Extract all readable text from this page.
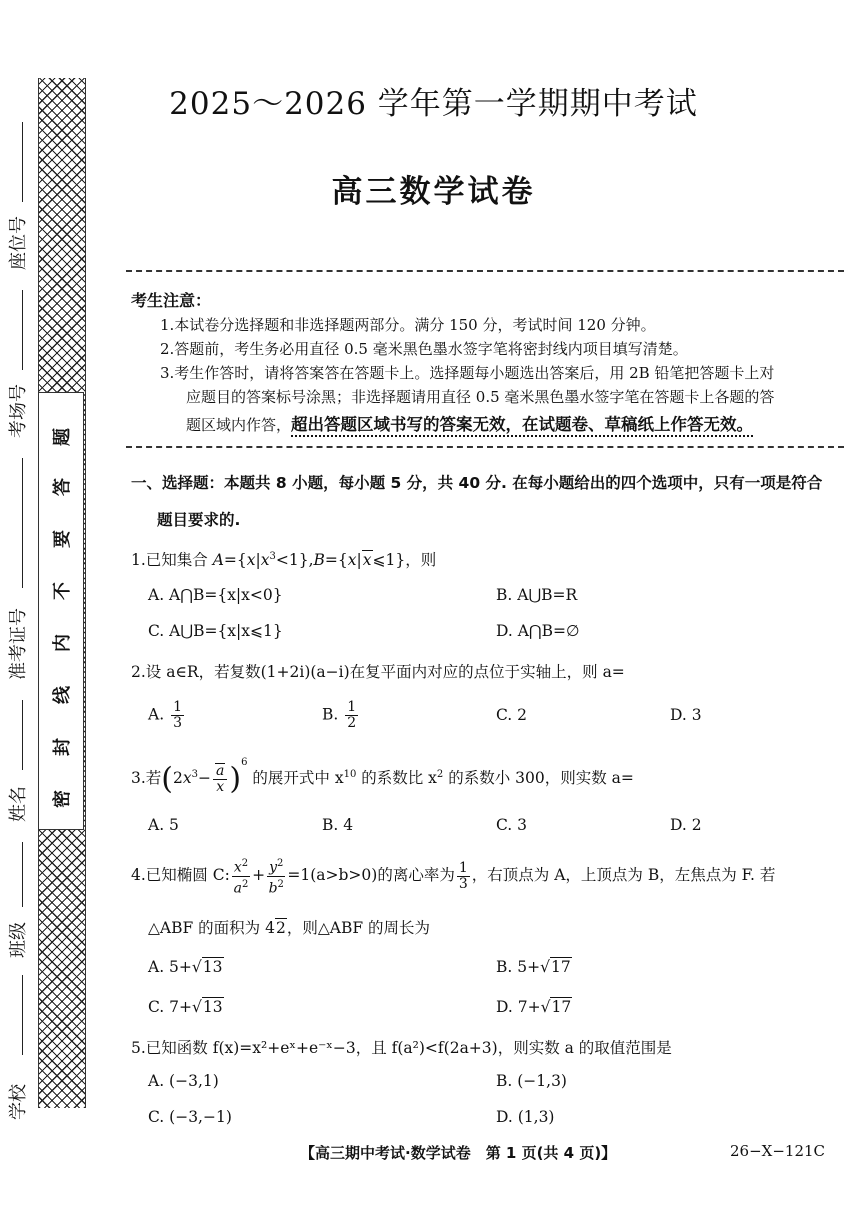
题
答
要
不
内
线
封
密
座位号
考场号
准考证号
姓名
班级
学校
2025～2026 学年第一学期期中考试
高三数学试卷
考生注意：
1.本试卷分选择题和非选择题两部分。满分 150 分，考试时间 120 分钟。
2.答题前，考生务必用直径 0.5 毫米黑色墨水签字笔将密封线内项目填写清楚。
3.考生作答时，请将答案答在答题卡上。选择题每小题选出答案后，用 2B 铅笔把答题卡上对
应题目的答案标号涂黑；非选择题请用直径 0.5 毫米黑色墨水签字笔在答题卡上各题的答
题区域内作答，超出答题区域书写的答案无效，在试题卷、草稿纸上作答无效。
一、选择题：本题共 8 小题，每小题 5 分，共 40 分. 在每小题给出的四个选项中，只有一项是符合
题目要求的.
1.已知集合 $A=\{x|x^3<1\},B=\{x|x⩽1\}$，则
A. A⋂B={x|x<0}	B. A⋃B=R
C. A⋃B={x|x⩽1}	D. A⋂B=∅
2.设 a∈R，若复数(1+2i)(a−i)在复平面内对应的点位于实轴上，则 a=
A. $\frac{1}{3}$	B. $\frac{1}{2}$	C. 2	D. 3
3.若$(2x^3- \frac{a}{x} )^6$ 的展开式中 $x^{10}$ 的系数比 $x^2$ 的系数小 300，则实数 a=
A. 5	B. 4	C. 3	D. 2
4.已知椭圆 C: $\frac{x^2}{a^2} + \frac{y^2}{b^2} =1(a>b>0)$的离心率为 $\frac{1}{3}$ ，右顶点为 A，上顶点为 B，左焦点为 F. 若
△ABF 的面积为 42，则△ABF 的周长为
A. 5+√13	B. 5+√17
C. 7+√13	D. 7+√17
5.已知函数 f(x)=x²+eˣ+e⁻ˣ−3，且 f(a²)<f(2a+3)，则实数 a 的取值范围是
A. (−3,1)	B. (−1,3)
C. (−3,−1)	D. (1,3)
【高三期中考试·数学试卷　第 1 页(共 4 页)】	26−X−121C
